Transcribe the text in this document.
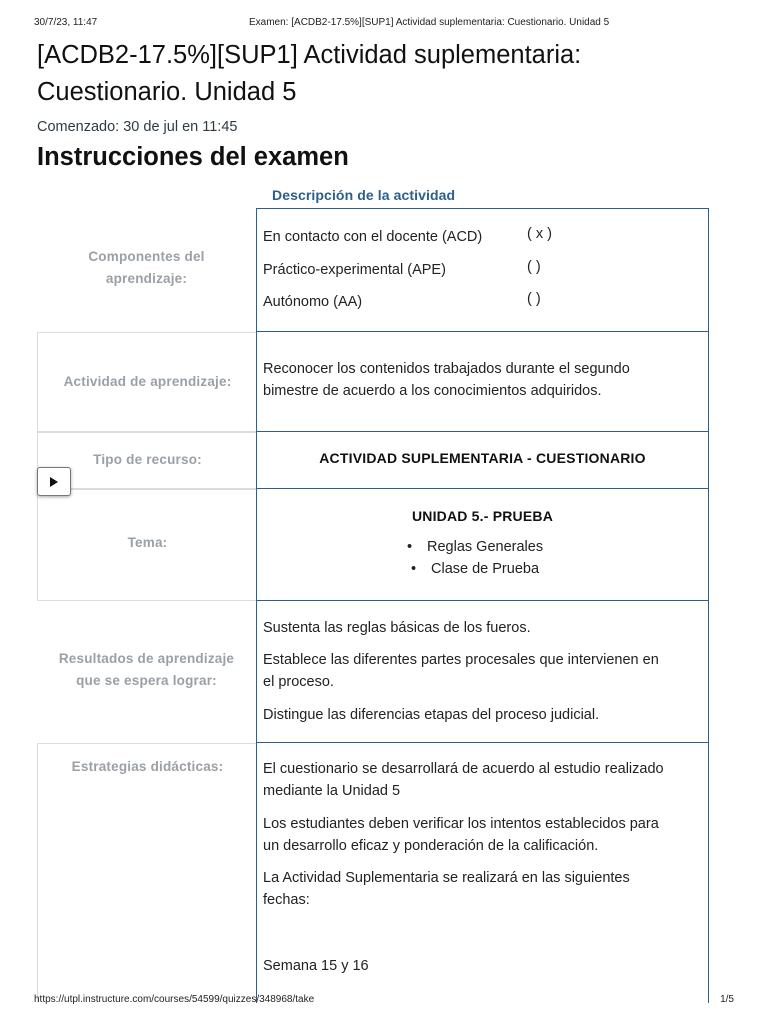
30/7/23, 11:47	Examen: [ACDB2-17.5%][SUP1] Actividad suplementaria: Cuestionario. Unidad 5
[ACDB2-17.5%][SUP1] Actividad suplementaria:
Cuestionario. Unidad 5
Comenzado: 30 de jul en 11:45
Instrucciones del examen
Descripción de la actividad
Componentes del
aprendizaje:
En contacto con el docente (ACD)	( x )
Práctico-experimental (APE)	( )
Autónomo (AA)	( )
Actividad de aprendizaje:
Reconocer los contenidos trabajados durante el segundo
bimestre de acuerdo a los conocimientos adquiridos.
Tipo de recurso:	ACTIVIDAD SUPLEMENTARIA - CUESTIONARIO
Tema:
UNIDAD 5.- PRUEBA
• Reglas Generales
• Clase de Prueba
Resultados de aprendizaje
que se espera lograr:
Sustenta las reglas básicas de los fueros.
Establece las diferentes partes procesales que intervienen en
el proceso.
Distingue las diferencias etapas del proceso judicial.
Estrategias didácticas:	El cuestionario se desarrollará de acuerdo al estudio realizado
mediante la Unidad 5
Los estudiantes deben verificar los intentos establecidos para
un desarrollo eficaz y ponderación de la calificación.
La Actividad Suplementaria se realizará en las siguientes
fechas:
Semana 15 y 16
https://utpl.instructure.com/courses/54599/quizzes/348968/take	1/5
